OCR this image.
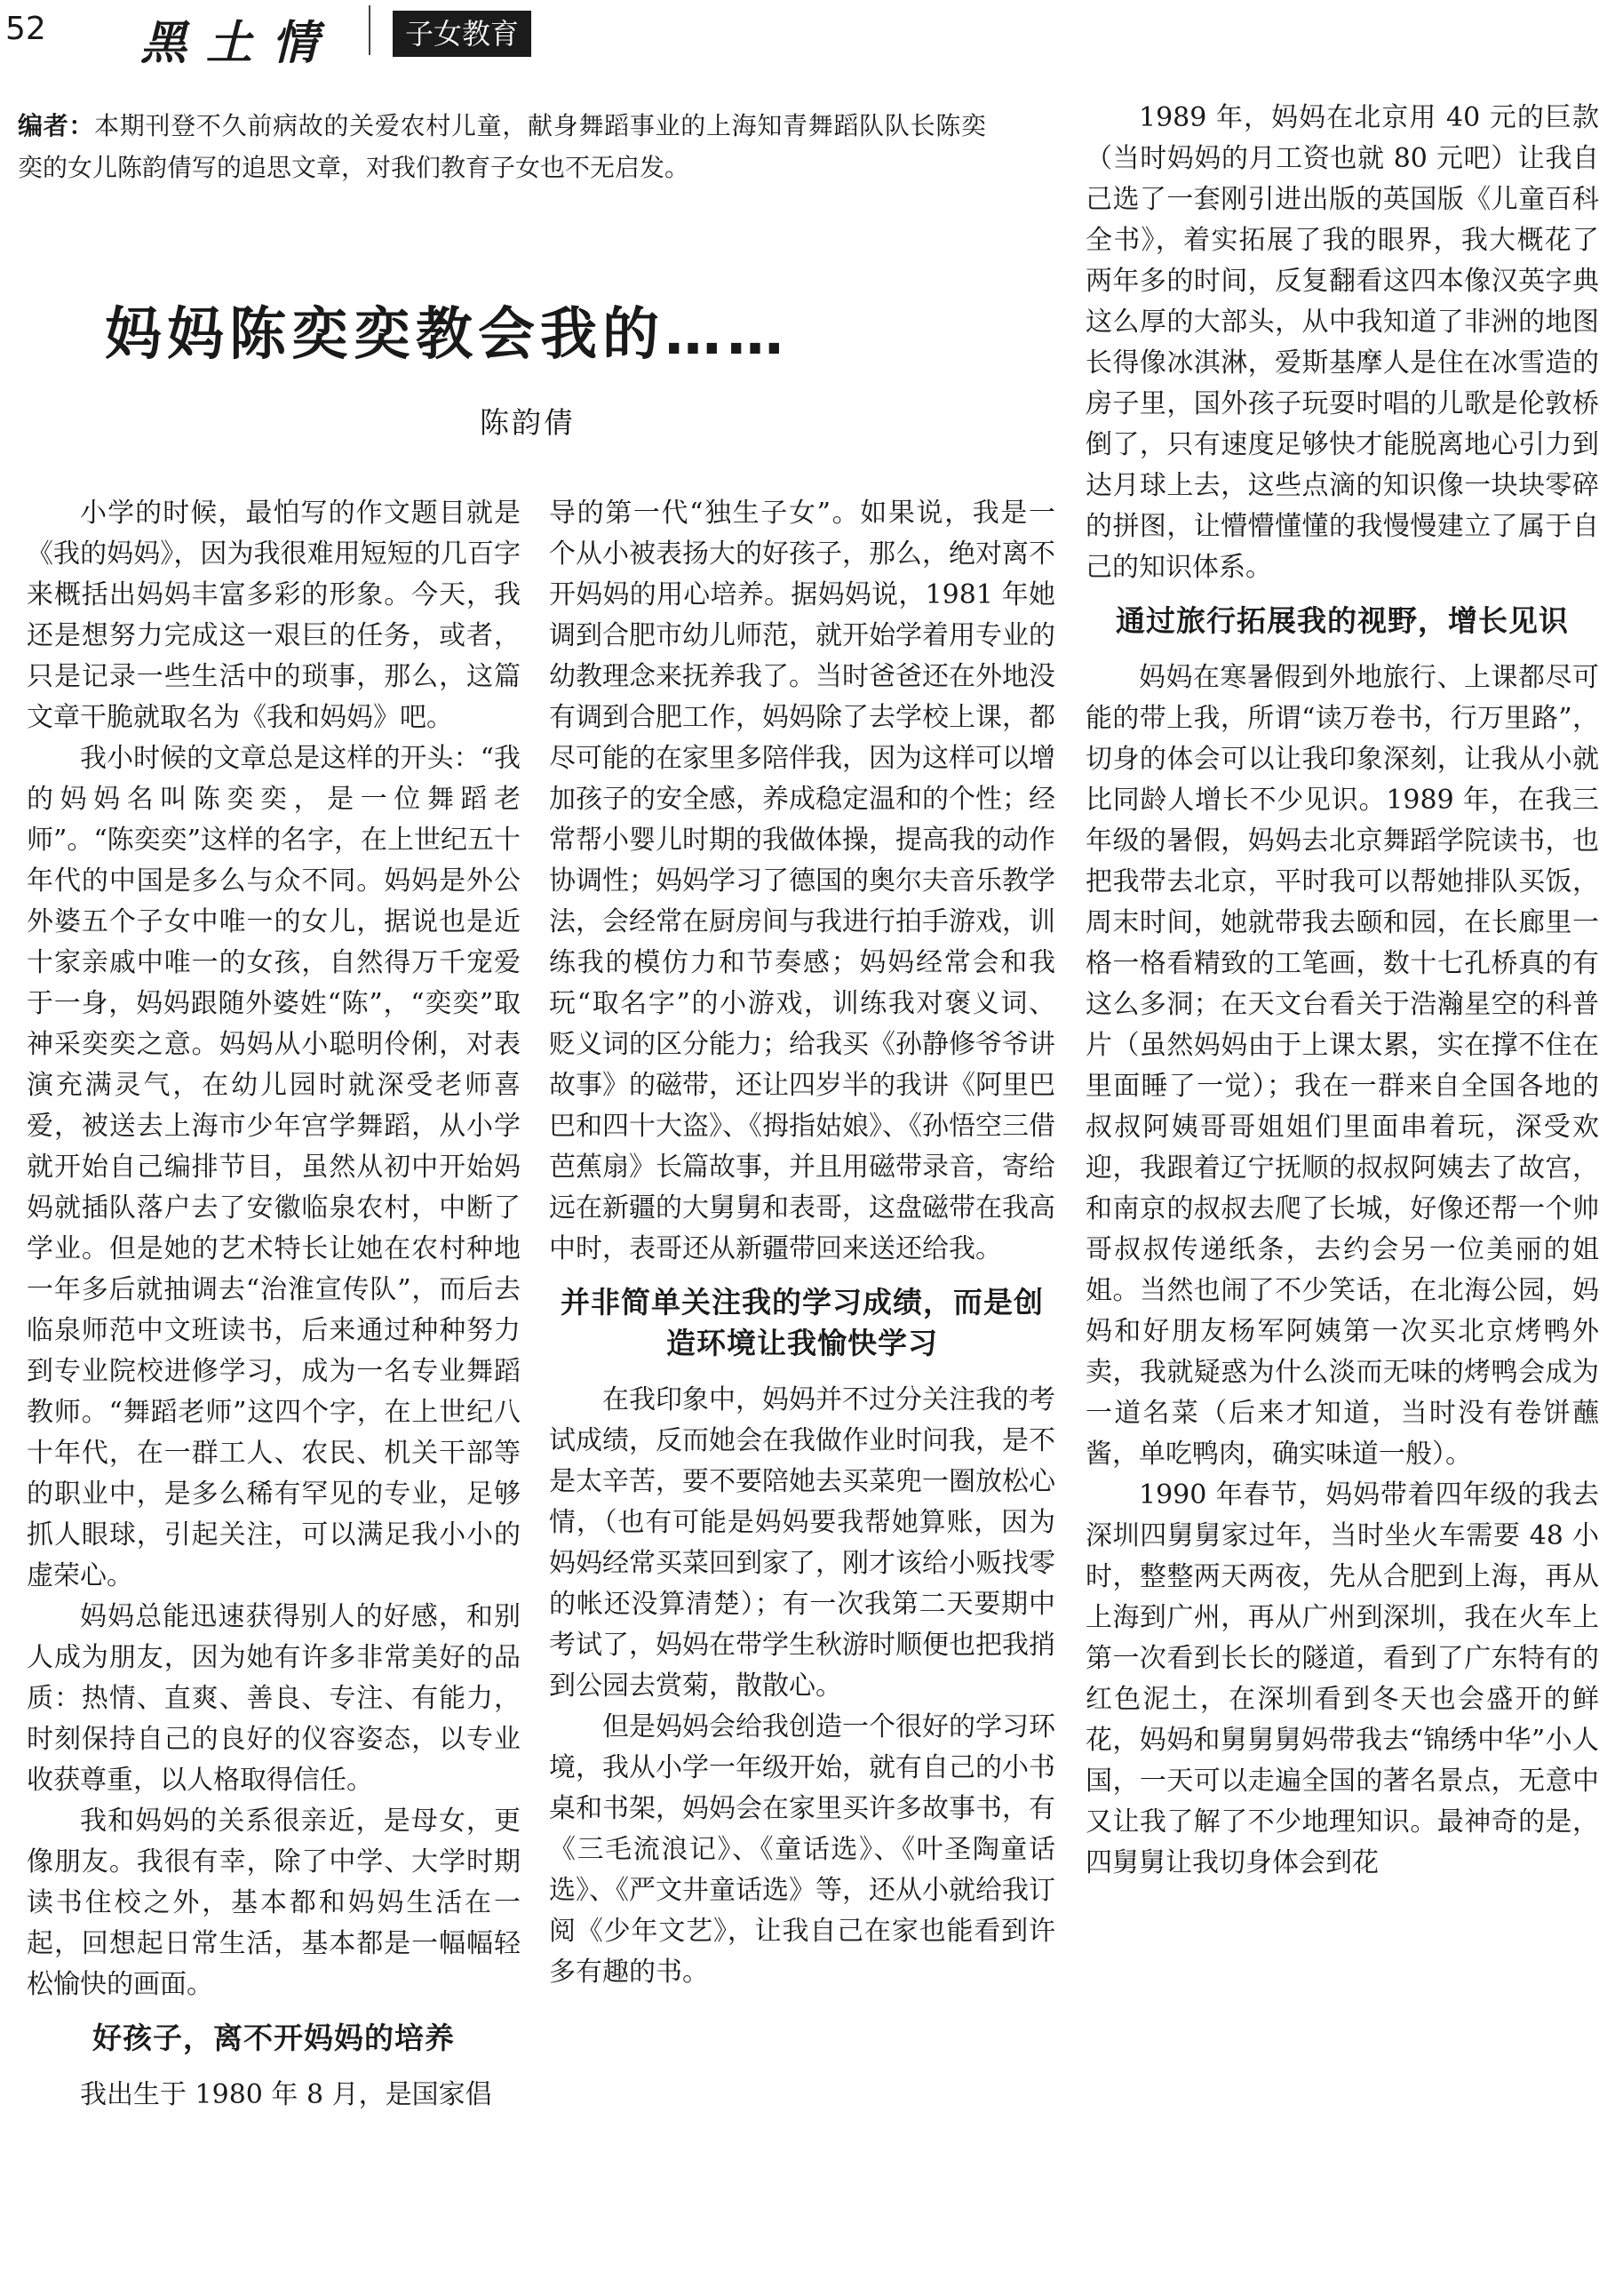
52 黑土情	子女教育
编者：本期刊登不久前病故的关爱农村儿童，献身舞蹈事业的上海知青舞蹈队队长陈奕奕的女儿陈韵倩写的追思文章，对我们教育子女也不无启发。
妈妈陈奕奕教会我的……
陈韵倩

小学的时候，最怕写的作文题目就是《我的妈妈》，因为我很难用短短的几百字来概括出妈妈丰富多彩的形象。今天，我还是想努力完成这一艰巨的任务，或者，只是记录一些生活中的琐事，那么，这篇文章干脆就取名为《我和妈妈》吧。

我小时候的文章总是这样的开头：“我的妈妈名叫陈奕奕，是一位舞蹈老师”。“陈奕奕”这样的名字，在上世纪五十年代的中国是多么与众不同。妈妈是外公外婆五个子女中唯一的女儿，据说也是近十家亲戚中唯一的女孩，自然得万千宠爱于一身，妈妈跟随外婆姓“陈”，“奕奕”取神采奕奕之意。妈妈从小聪明伶俐，对表演充满灵气，在幼儿园时就深受老师喜爱，被送去上海市少年宫学舞蹈，从小学就开始自己编排节目，虽然从初中开始妈妈就插队落户去了安徽临泉农村，中断了学业。但是她的艺术特长让她在农村种地一年多后就抽调去“治淮宣传队”，而后去临泉师范中文班读书，后来通过种种努力到专业院校进修学习，成为一名专业舞蹈教师。“舞蹈老师”这四个字，在上世纪八十年代，在一群工人、农民、机关干部等的职业中，是多么稀有罕见的专业，足够抓人眼球，引起关注，可以满足我小小的虚荣心。

妈妈总能迅速获得别人的好感，和别人成为朋友，因为她有许多非常美好的品质：热情、直爽、善良、专注、有能力，时刻保持自己的良好的仪容姿态，以专业收获尊重，以人格取得信任。

我和妈妈的关系很亲近，是母女，更像朋友。我很有幸，除了中学、大学时期读书住校之外，基本都和妈妈生活在一起，回想起日常生活，基本都是一幅幅轻松愉快的画面。

好孩子，离不开妈妈的培养

我出生于 1980 年 8 月，是国家倡

导的第一代“独生子女”。如果说，我是一个从小被表扬大的好孩子，那么，绝对离不开妈妈的用心培养。据妈妈说，1981 年她调到合肥市幼儿师范，就开始学着用专业的幼教理念来抚养我了。当时爸爸还在外地没有调到合肥工作，妈妈除了去学校上课，都尽可能的在家里多陪伴我，因为这样可以增加孩子的安全感，养成稳定温和的个性；经常帮小婴儿时期的我做体操，提高我的动作协调性；妈妈学习了德国的奥尔夫音乐教学法，会经常在厨房间与我进行拍手游戏，训练我的模仿力和节奏感；妈妈经常会和我玩“取名字”的小游戏，训练我对褒义词、贬义词的区分能力；给我买《孙静修爷爷讲故事》的磁带，还让四岁半的我讲《阿里巴巴和四十大盗》、《拇指姑娘》、《孙悟空三借芭蕉扇》长篇故事，并且用磁带录音，寄给远在新疆的大舅舅和表哥，这盘磁带在我高中时，表哥还从新疆带回来送还给我。

并非简单关注我的学习成绩，而是创造环境让我愉快学习

在我印象中，妈妈并不过分关注我的考试成绩，反而她会在我做作业时问我，是不是太辛苦，要不要陪她去买菜兜一圈放松心情，（也有可能是妈妈要我帮她算账，因为妈妈经常买菜回到家了，刚才该给小贩找零的帐还没算清楚）；有一次我第二天要期中考试了，妈妈在带学生秋游时顺便也把我捎到公园去赏菊，散散心。

但是妈妈会给我创造一个很好的学习环境，我从小学一年级开始，就有自己的小书桌和书架，妈妈会在家里买许多故事书，有《三毛流浪记》、《童话选》、《叶圣陶童话选》、《严文井童话选》等，还从小就给我订阅《少年文艺》，让我自己在家也能看到许多有趣的书。

1989 年，妈妈在北京用 40 元的巨款（当时妈妈的月工资也就 80 元吧）让我自己选了一套刚引进出版的英国版《儿童百科全书》，着实拓展了我的眼界，我大概花了两年多的时间，反复翻看这四本像汉英字典这么厚的大部头，从中我知道了非洲的地图长得像冰淇淋，爱斯基摩人是住在冰雪造的房子里，国外孩子玩耍时唱的儿歌是伦敦桥倒了，只有速度足够快才能脱离地心引力到达月球上去，这些点滴的知识像一块块零碎的拼图，让懵懵懂懂的我慢慢建立了属于自己的知识体系。

通过旅行拓展我的视野，增长见识

妈妈在寒暑假到外地旅行、上课都尽可能的带上我，所谓“读万卷书，行万里路”，切身的体会可以让我印象深刻，让我从小就比同龄人增长不少见识。1989 年，在我三年级的暑假，妈妈去北京舞蹈学院读书，也把我带去北京，平时我可以帮她排队买饭，周末时间，她就带我去颐和园，在长廊里一格一格看精致的工笔画，数十七孔桥真的有这么多洞；在天文台看关于浩瀚星空的科普片（虽然妈妈由于上课太累，实在撑不住在里面睡了一觉）；我在一群来自全国各地的叔叔阿姨哥哥姐姐们里面串着玩，深受欢迎，我跟着辽宁抚顺的叔叔阿姨去了故宫，和南京的叔叔去爬了长城，好像还帮一个帅哥叔叔传递纸条，去约会另一位美丽的姐姐。当然也闹了不少笑话，在北海公园，妈妈和好朋友杨军阿姨第一次买北京烤鸭外卖，我就疑惑为什么淡而无味的烤鸭会成为一道名菜（后来才知道，当时没有卷饼蘸酱，单吃鸭肉，确实味道一般）。

1990 年春节，妈妈带着四年级的我去深圳四舅舅家过年，当时坐火车需要 48 小时，整整两天两夜，先从合肥到上海，再从上海到广州，再从广州到深圳，我在火车上第一次看到长长的隧道，看到了广东特有的红色泥土，在深圳看到冬天也会盛开的鲜花，妈妈和舅舅舅妈带我去“锦绣中华”小人国，一天可以走遍全国的著名景点，无意中又让我了解了不少地理知识。最神奇的是，四舅舅让我切身体会到花
